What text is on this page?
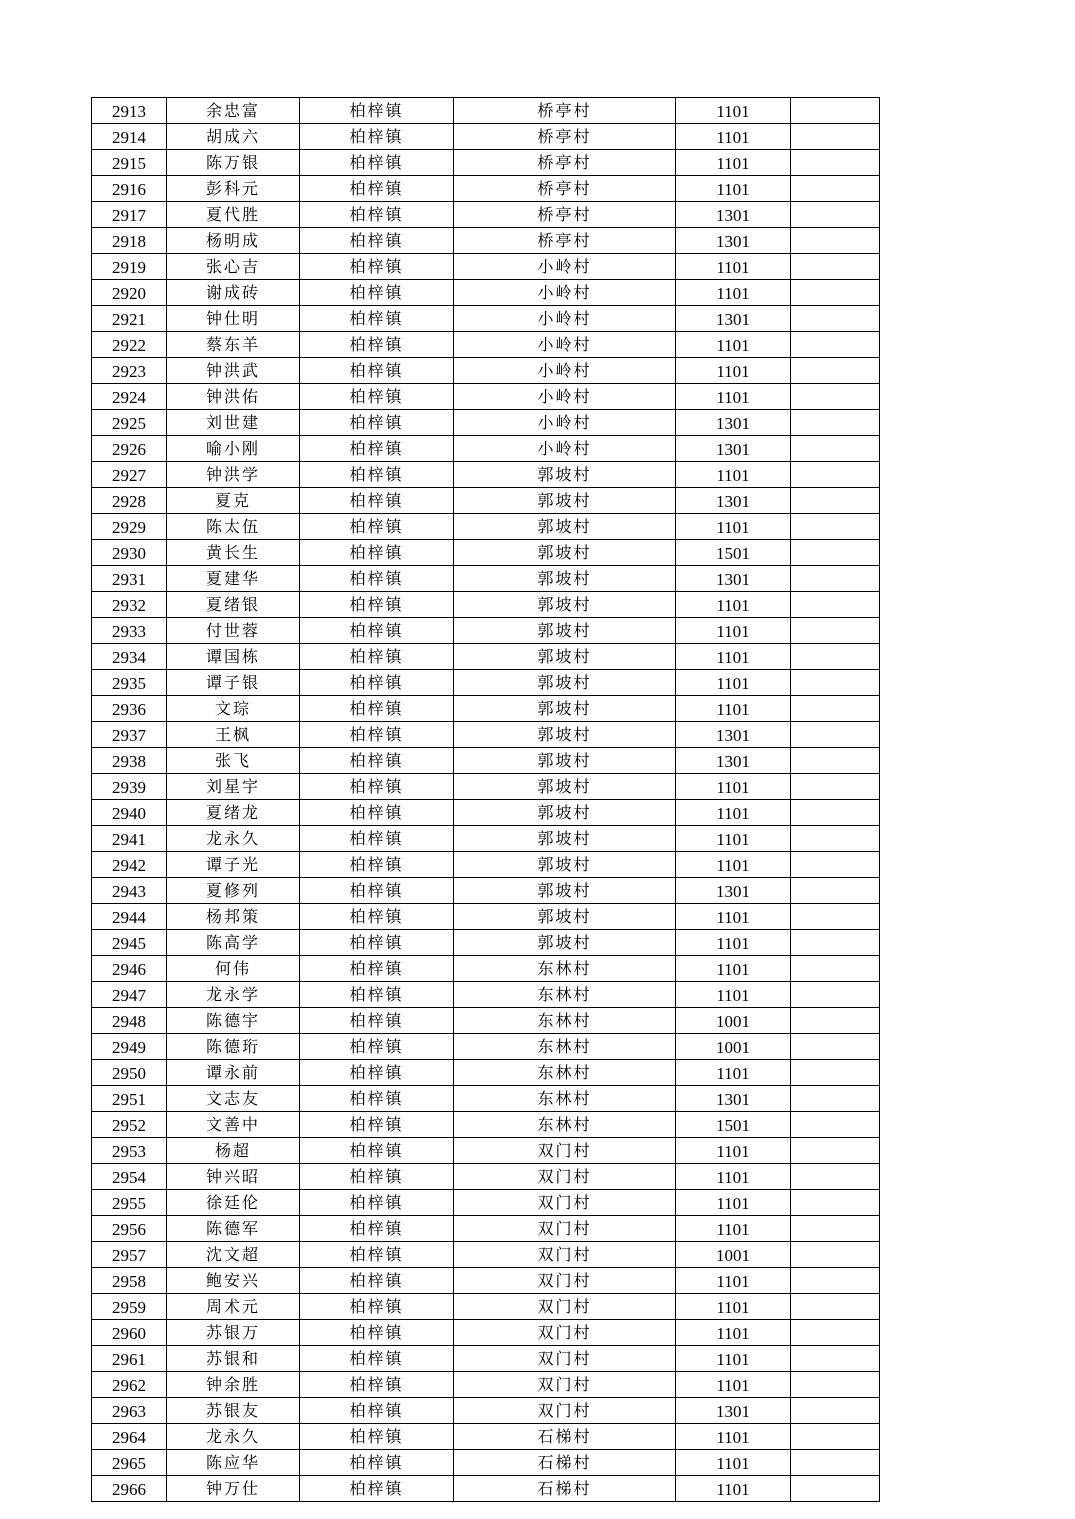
2913	余忠富	柏梓镇	桥亭村	1101	
2914	胡成六	柏梓镇	桥亭村	1101	
2915	陈万银	柏梓镇	桥亭村	1101	
2916	彭科元	柏梓镇	桥亭村	1101	
2917	夏代胜	柏梓镇	桥亭村	1301	
2918	杨明成	柏梓镇	桥亭村	1301	
2919	张心吉	柏梓镇	小岭村	1101	
2920	谢成砖	柏梓镇	小岭村	1101	
2921	钟仕明	柏梓镇	小岭村	1301	
2922	蔡东羊	柏梓镇	小岭村	1101	
2923	钟洪武	柏梓镇	小岭村	1101	
2924	钟洪佑	柏梓镇	小岭村	1101	
2925	刘世建	柏梓镇	小岭村	1301	
2926	喻小刚	柏梓镇	小岭村	1301	
2927	钟洪学	柏梓镇	郭坡村	1101	
2928	夏克	柏梓镇	郭坡村	1301	
2929	陈太伍	柏梓镇	郭坡村	1101	
2930	黄长生	柏梓镇	郭坡村	1501	
2931	夏建华	柏梓镇	郭坡村	1301	
2932	夏绪银	柏梓镇	郭坡村	1101	
2933	付世蓉	柏梓镇	郭坡村	1101	
2934	谭国栋	柏梓镇	郭坡村	1101	
2935	谭子银	柏梓镇	郭坡村	1101	
2936	文琮	柏梓镇	郭坡村	1101	
2937	王枫	柏梓镇	郭坡村	1301	
2938	张飞	柏梓镇	郭坡村	1301	
2939	刘星宇	柏梓镇	郭坡村	1101	
2940	夏绪龙	柏梓镇	郭坡村	1101	
2941	龙永久	柏梓镇	郭坡村	1101	
2942	谭子光	柏梓镇	郭坡村	1101	
2943	夏修列	柏梓镇	郭坡村	1301	
2944	杨邦策	柏梓镇	郭坡村	1101	
2945	陈高学	柏梓镇	郭坡村	1101	
2946	何伟	柏梓镇	东林村	1101	
2947	龙永学	柏梓镇	东林村	1101	
2948	陈德宇	柏梓镇	东林村	1001	
2949	陈德珩	柏梓镇	东林村	1001	
2950	谭永前	柏梓镇	东林村	1101	
2951	文志友	柏梓镇	东林村	1301	
2952	文善中	柏梓镇	东林村	1501	
2953	杨超	柏梓镇	双门村	1101	
2954	钟兴昭	柏梓镇	双门村	1101	
2955	徐廷伦	柏梓镇	双门村	1101	
2956	陈德军	柏梓镇	双门村	1101	
2957	沈文超	柏梓镇	双门村	1001	
2958	鲍安兴	柏梓镇	双门村	1101	
2959	周术元	柏梓镇	双门村	1101	
2960	苏银万	柏梓镇	双门村	1101	
2961	苏银和	柏梓镇	双门村	1101	
2962	钟余胜	柏梓镇	双门村	1101	
2963	苏银友	柏梓镇	双门村	1301	
2964	龙永久	柏梓镇	石梯村	1101	
2965	陈应华	柏梓镇	石梯村	1101	
2966	钟万仕	柏梓镇	石梯村	1101	
